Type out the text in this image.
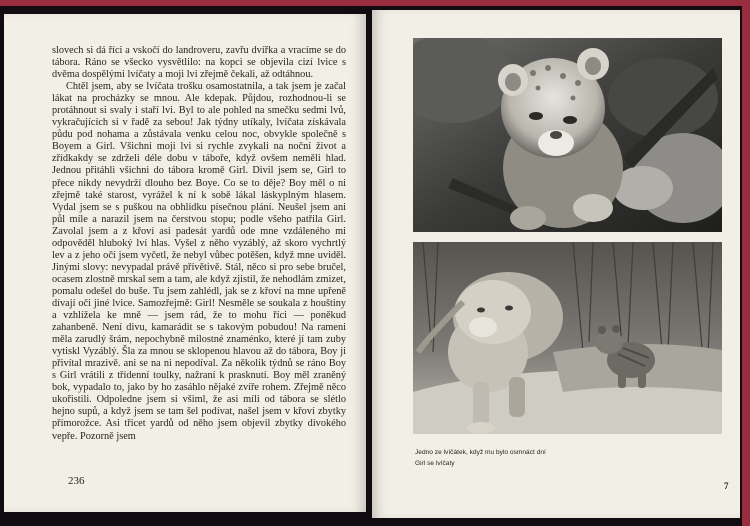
slovech si dá říci a vskočí do landroveru, zavřu dvířka a vracíme se do tábora. Ráno se všecko vysvětlilo: na kopci se objevila cizí lvice s dvěma dospělými lvíčaty a moji lvi zřejmě čekali, až odtáhnou.

Chtěl jsem, aby se lvíčata trošku osamostatnila, a tak jsem je začal lákat na procházky se mnou. Ale kdepak. Půjdou, rozhodnou-li se protáhnout si svaly i staří lvi. Byl to ale pohled na smečku sedmi lvů, vykračujících si v řadě za sebou! Jak týdny utíkaly, lvíčata získávala půdu pod nohama a zůstávala venku celou noc, obvykle společně s Boyem a Girl. Všichni moji lvi si rychle zvykali na noční život a zřídkakdy se zdrželi déle dobu v táboře, když ovšem neměli hlad. Jednou přitáhli všichni do tábora kromě Girl. Divil jsem se, Girl to přece nikdy nevydrží dlouho bez Boye. Co se to děje? Boy měl o ni zřejmě také starost, vyrážel k ní k sobě lákal láskyplným hlasem. Vydal jsem se s puškou na obhlídku písečnou plání. Neušel jsem ani půl míle a narazil jsem na čerstvou stopu; podle všeho patřila Girl. Zavolal jsem a z křoví asi padesát yardů ode mne vzdáleného mi odpověděl hluboký lví hlas. Vyšel z něho vyzáblý, až skoro vychrtlý lev a z jeho očí jsem vyčetl, že nebyl vůbec potěšen, když mne uviděl. Jinými slovy: nevypadal právě přívětivě. Stál, něco si pro sebe bručel, ocasem zlostně mrskal sem a tam, ale když zjistil, že nehodlám zmizet, pomalu odešel do buše. Tu jsem zahlédl, jak se z křoví na mne upřeně dívají oči jiné lvice. Samozřejmě: Girl! Nesměle se soukala z houštiny a vzhlížela ke mně — jsem rád, že to mohu říci — poněkud zahanbeně. Není divu, kamarádit se s takovým pobudou! Na rameni měla zarudlý šrám, nepochybně milostné znaménko, které jí tam zuby vytiskl Vyzáblý. Šla za mnou se sklopenou hlavou až do tábora, Boy ji přivítal mrazivě. ani se na ni nepodíval. Za několik týdnů se ráno Boy s Girl vrátili z třídenní toulky, nažraní k prasknutí. Boy měl zraněný bok, vypadalo to, jako by ho zasáhlo nějaké zvíře rohem. Zřejmě něco ukořistili. Odpoledne jsem si všiml, že asi míli od tábora se slétlo hejno supů, a když jsem se tam šel podívat, našel jsem v křoví zbytky přímorožce. Asi třicet yardů od něho jsem objevil zbytky divokého vepře. Pozorně jsem

236
Jedno ze lvíčátek, když mu bylo osmnáct dní
Girl se lvíčaty
7
